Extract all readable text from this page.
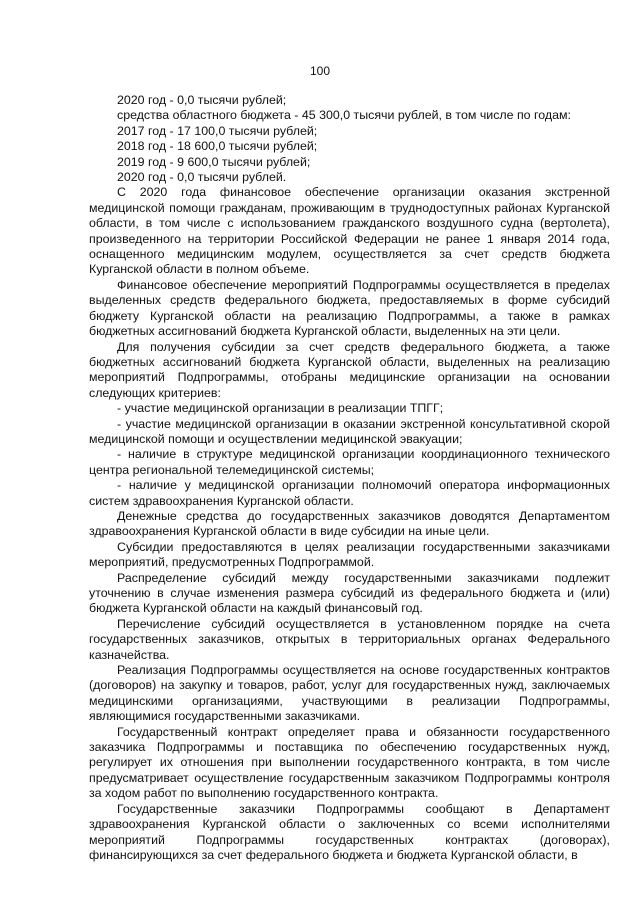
100

2020 год - 0,0 тысячи рублей;

средства областного бюджета - 45 300,0 тысячи рублей, в том числе по годам:

2017 год - 17 100,0 тысячи рублей;

2018 год - 18 600,0 тысячи рублей;

2019 год - 9 600,0 тысячи рублей;

2020 год - 0,0 тысячи рублей.

С 2020 года финансовое обеспечение организации оказания экстренной медицинской помощи гражданам, проживающим в труднодоступных районах Курганской области, в том числе с использованием гражданского воздушного судна (вертолета), произведенного на территории Российской Федерации не ранее 1 января 2014 года, оснащенного медицинским модулем, осуществляется за счет средств бюджета Курганской области в полном объеме.

Финансовое обеспечение мероприятий Подпрограммы осуществляется в пределах выделенных средств федерального бюджета, предоставляемых в форме субсидий бюджету Курганской области на реализацию Подпрограммы, а также в рамках бюджетных ассигнований бюджета Курганской области, выделенных на эти цели.

Для получения субсидии за счет средств федерального бюджета, а также бюджетных ассигнований бюджета Курганской области, выделенных на реализацию мероприятий Подпрограммы, отобраны медицинские организации на основании следующих критериев:

- участие медицинской организации в реализации ТПГГ;

- участие медицинской организации в оказании экстренной консультативной скорой медицинской помощи и осуществлении медицинской эвакуации;

- наличие в структуре медицинской организации координационного технического центра региональной телемедицинской системы;

- наличие у медицинской организации полномочий оператора информационных систем здравоохранения Курганской области.

Денежные средства до государственных заказчиков доводятся Департаментом здравоохранения Курганской области в виде субсидии на иные цели.

Субсидии предоставляются в целях реализации государственными заказчиками мероприятий, предусмотренных Подпрограммой.

Распределение субсидий между государственными заказчиками подлежит уточнению в случае изменения размера субсидий из федерального бюджета и (или) бюджета Курганской области на каждый финансовый год.

Перечисление субсидий осуществляется в установленном порядке на счета государственных заказчиков, открытых в территориальных органах Федерального казначейства.

Реализация Подпрограммы осуществляется на основе государственных контрактов (договоров) на закупку и товаров, работ, услуг для государственных нужд, заключаемых медицинскими организациями, участвующими в реализации Подпрограммы, являющимися государственными заказчиками.

Государственный контракт определяет права и обязанности государственного заказчика Подпрограммы и поставщика по обеспечению государственных нужд, регулирует их отношения при выполнении государственного контракта, в том числе предусматривает осуществление государственным заказчиком Подпрограммы контроля за ходом работ по выполнению государственного контракта.

Государственные заказчики Подпрограммы сообщают в Департамент здравоохранения Курганской области о заключенных со всеми исполнителями мероприятий Подпрограммы государственных контрактах (договорах), финансирующихся за счет федерального бюджета и бюджета Курганской области, в
